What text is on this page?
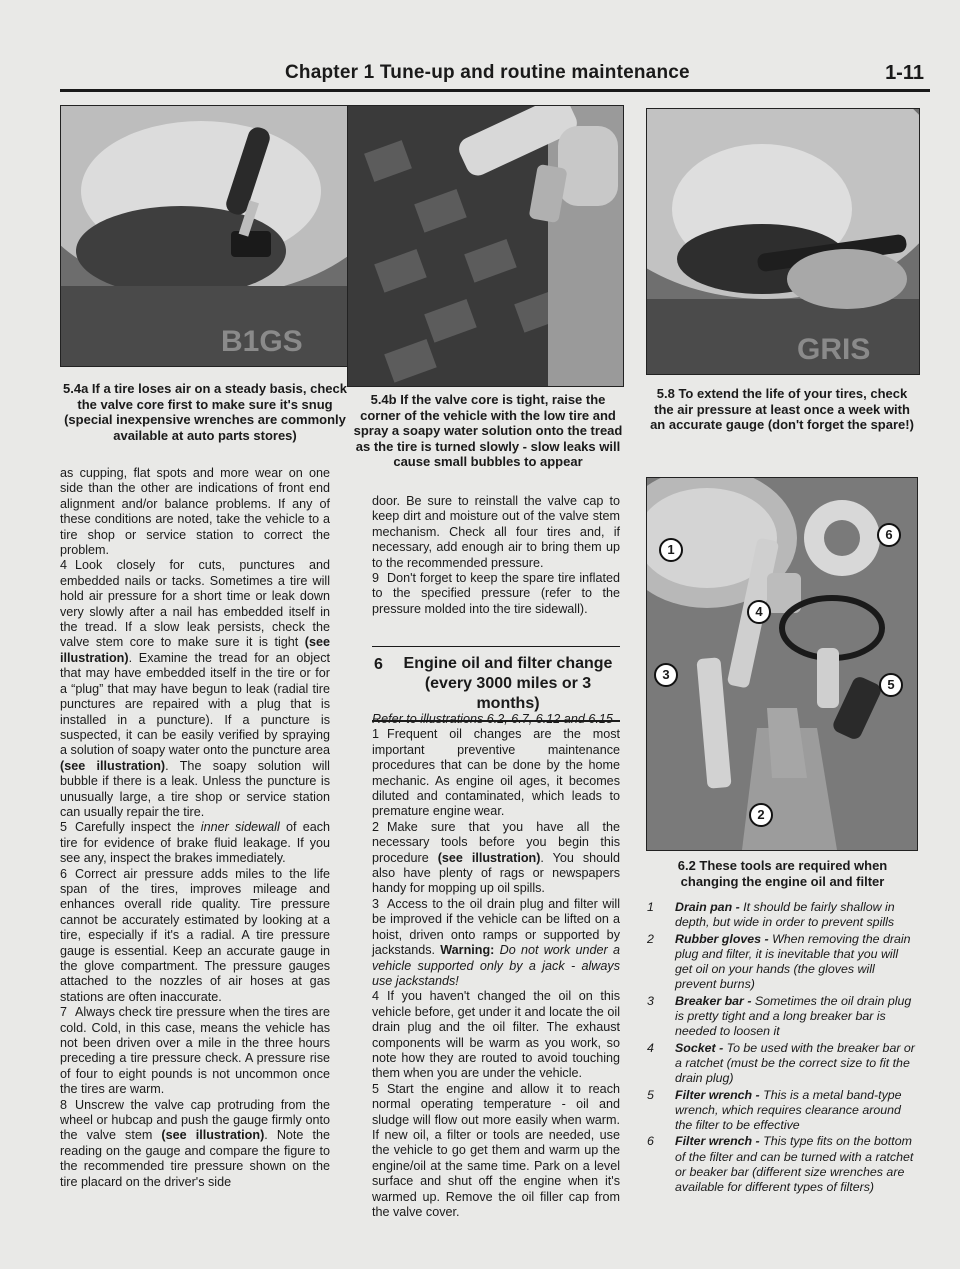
Chapter 1 Tune-up and routine maintenance	1-11
B1GS
5.4a If a tire loses air on a steady basis, check the valve core first to make sure it's snug (special inexpensive wrenches are commonly available at auto parts stores)
5.4b If the valve core is tight, raise the corner of the vehicle with the low tire and spray a soapy water solution onto the tread as the tire is turned slowly - slow leaks will cause small bubbles to appear
GRIS
5.8 To extend the life of your tires, check the air pressure at least once a week with an accurate gauge (don't forget the spare!)
1
2
3
4
5
6
6.2 These tools are required when changing the engine oil and filter

as cupping, flat spots and more wear on one side than the other are indications of front end alignment and/or balance problems. If any of these conditions are noted, take the vehicle to a tire shop or service station to correct the problem.

4 Look closely for cuts, punctures and embedded nails or tacks. Sometimes a tire will hold air pressure for a short time or leak down very slowly after a nail has embedded itself in the tread. If a slow leak persists, check the valve stem core to make sure it is tight (see illustration). Examine the tread for an object that may have embedded itself in the tire or for a “plug” that may have begun to leak (radial tire punctures are repaired with a plug that is installed in a puncture). If a puncture is suspected, it can be easily verified by spraying a solution of soapy water onto the puncture area (see illustration). The soapy solution will bubble if there is a leak. Unless the puncture is unusually large, a tire shop or service station can usually repair the tire.

5 Carefully inspect the inner sidewall of each tire for evidence of brake fluid leakage. If you see any, inspect the brakes immediately.

6 Correct air pressure adds miles to the life span of the tires, improves mileage and enhances overall ride quality. Tire pressure cannot be accurately estimated by looking at a tire, especially if it's a radial. A tire pressure gauge is essential. Keep an accurate gauge in the glove compartment. The pressure gauges attached to the nozzles of air hoses at gas stations are often inaccurate.

7 Always check tire pressure when the tires are cold. Cold, in this case, means the vehicle has not been driven over a mile in the three hours preceding a tire pressure check. A pressure rise of four to eight pounds is not uncommon once the tires are warm.

8 Unscrew the valve cap protruding from the wheel or hubcap and push the gauge firmly onto the valve stem (see illustration). Note the reading on the gauge and compare the figure to the recommended tire pressure shown on the tire placard on the driver's side

door. Be sure to reinstall the valve cap to keep dirt and moisture out of the valve stem mechanism. Check all four tires and, if necessary, add enough air to bring them up to the recommended pressure.

9 Don't forget to keep the spare tire inflated to the specified pressure (refer to the pressure molded into the tire sidewall).

6	Engine oil and filter change
(every 3000 miles or 3 months)

Refer to illustrations 6.2, 6.7, 6.12 and 6.15

1 Frequent oil changes are the most important preventive maintenance procedures that can be done by the home mechanic. As engine oil ages, it becomes diluted and contaminated, which leads to premature engine wear.

2 Make sure that you have all the necessary tools before you begin this procedure (see illustration). You should also have plenty of rags or newspapers handy for mopping up oil spills.

3 Access to the oil drain plug and filter will be improved if the vehicle can be lifted on a hoist, driven onto ramps or supported by jackstands. Warning: Do not work under a vehicle supported only by a jack - always use jackstands!

4 If you haven't changed the oil on this vehicle before, get under it and locate the oil drain plug and the oil filter. The exhaust components will be warm as you work, so note how they are routed to avoid touching them when you are under the vehicle.

5 Start the engine and allow it to reach normal operating temperature - oil and sludge will flow out more easily when warm. If new oil, a filter or tools are needed, use the vehicle to go get them and warm up the engine/oil at the same time. Park on a level surface and shut off the engine when it's warmed up. Remove the oil filler cap from the valve cover.

1 Drain pan - It should be fairly shallow in depth, but wide in order to prevent spills
2 Rubber gloves - When removing the drain plug and filter, it is inevitable that you will get oil on your hands (the gloves will prevent burns)
3 Breaker bar - Sometimes the oil drain plug is pretty tight and a long breaker bar is needed to loosen it
4 Socket - To be used with the breaker bar or a ratchet (must be the correct size to fit the drain plug)
5 Filter wrench - This is a metal band-type wrench, which requires clearance around the filter to be effective
6 Filter wrench - This type fits on the bottom of the filter and can be turned with a ratchet or beaker bar (different size wrenches are available for different types of filters)
